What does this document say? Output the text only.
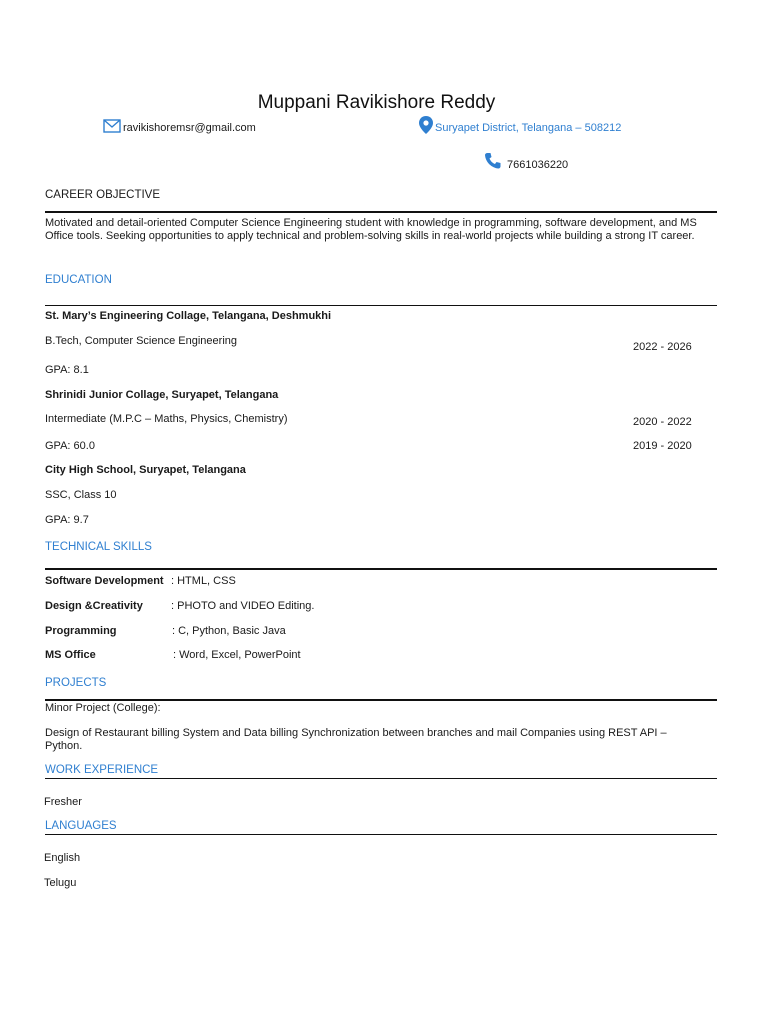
Muppani Ravikishore Reddy
ravikishoremsr@gmail.com	Suryapet District, Telangana – 508212
7661036220
CAREER OBJECTIVE
Motivated and detail-oriented Computer Science Engineering student with knowledge in programming, software development, and MS Office tools. Seeking opportunities to apply technical and problem-solving skills in real-world projects while building a strong IT career.
EDUCATION
St. Mary’s Engineering Collage, Telangana, Deshmukhi
B.Tech, Computer Science Engineering	2022 - 2026
GPA: 8.1
Shrinidi Junior Collage, Suryapet, Telangana
Intermediate (M.P.C – Maths, Physics, Chemistry)	2020 - 2022
GPA: 60.0	2019 - 2020
City High School, Suryapet, Telangana
SSC, Class 10
GPA: 9.7
TECHNICAL SKILLS
Software Development : HTML, CSS
Design &Creativity	: PHOTO and VIDEO Editing.
Programming	: C, Python, Basic Java
MS Office	: Word, Excel, PowerPoint
PROJECTS
Minor Project (College):
Design of Restaurant billing System and Data billing Synchronization between branches and mail Companies using REST API – Python.
WORK EXPERIENCE
Fresher
LANGUAGES
English
Telugu
